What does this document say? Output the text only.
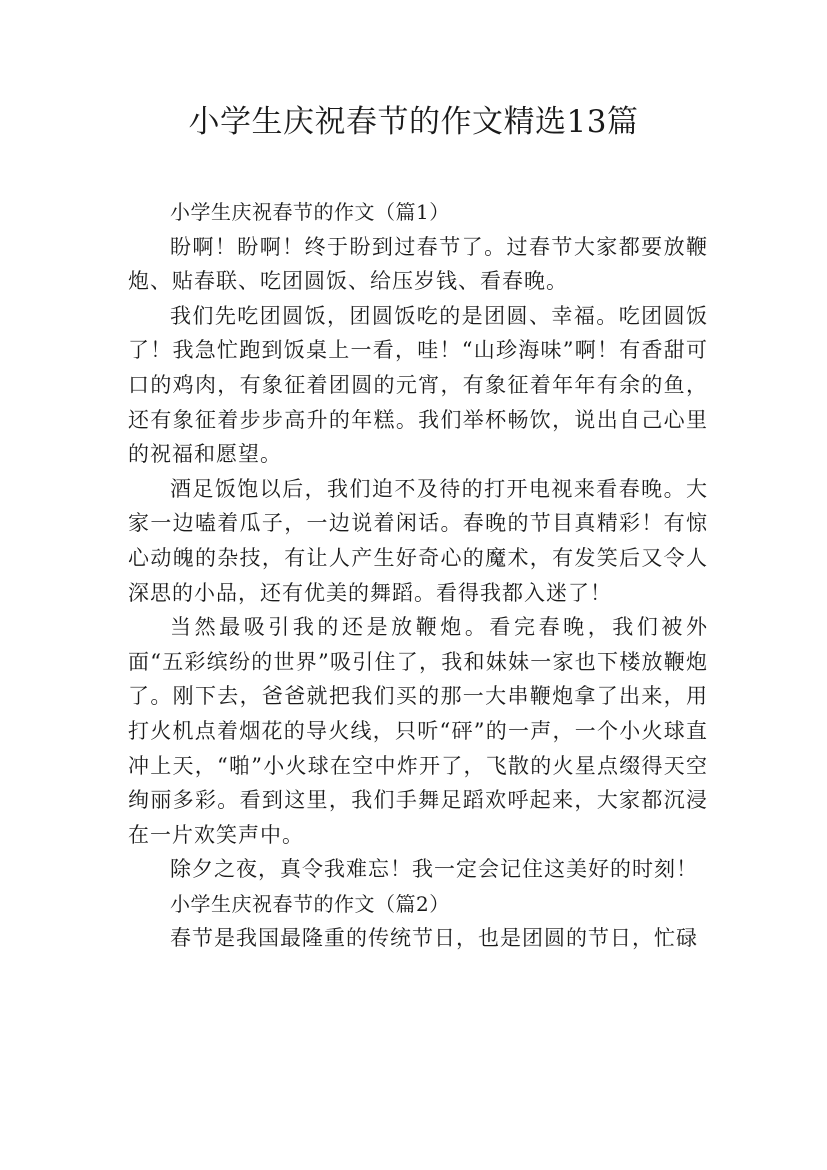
小学生庆祝春节的作文精选13篇

小学生庆祝春节的作文（篇1）

盼啊！盼啊！终于盼到过春节了。过春节大家都要放鞭炮、贴春联、吃团圆饭、给压岁钱、看春晚。

我们先吃团圆饭，团圆饭吃的是团圆、幸福。吃团圆饭了！我急忙跑到饭桌上一看，哇！“山珍海味”啊！有香甜可口的鸡肉，有象征着团圆的元宵，有象征着年年有余的鱼，还有象征着步步高升的年糕。我们举杯畅饮，说出自己心里的祝福和愿望。

酒足饭饱以后，我们迫不及待的打开电视来看春晚。大家一边嗑着瓜子，一边说着闲话。春晚的节目真精彩！有惊心动魄的杂技，有让人产生好奇心的魔术，有发笑后又令人深思的小品，还有优美的舞蹈。看得我都入迷了！

当然最吸引我的还是放鞭炮。看完春晚，我们被外面“五彩缤纷的世界”吸引住了，我和妹妹一家也下楼放鞭炮了。刚下去，爸爸就把我们买的那一大串鞭炮拿了出来，用打火机点着烟花的导火线，只听“砰”的一声，一个小火球直冲上天，“啪”小火球在空中炸开了，飞散的火星点缀得天空绚丽多彩。看到这里，我们手舞足蹈欢呼起来，大家都沉浸在一片欢笑声中。

除夕之夜，真令我难忘！我一定会记住这美好的时刻！

小学生庆祝春节的作文（篇2）

春节是我国最隆重的传统节日，也是团圆的节日，忙碌
